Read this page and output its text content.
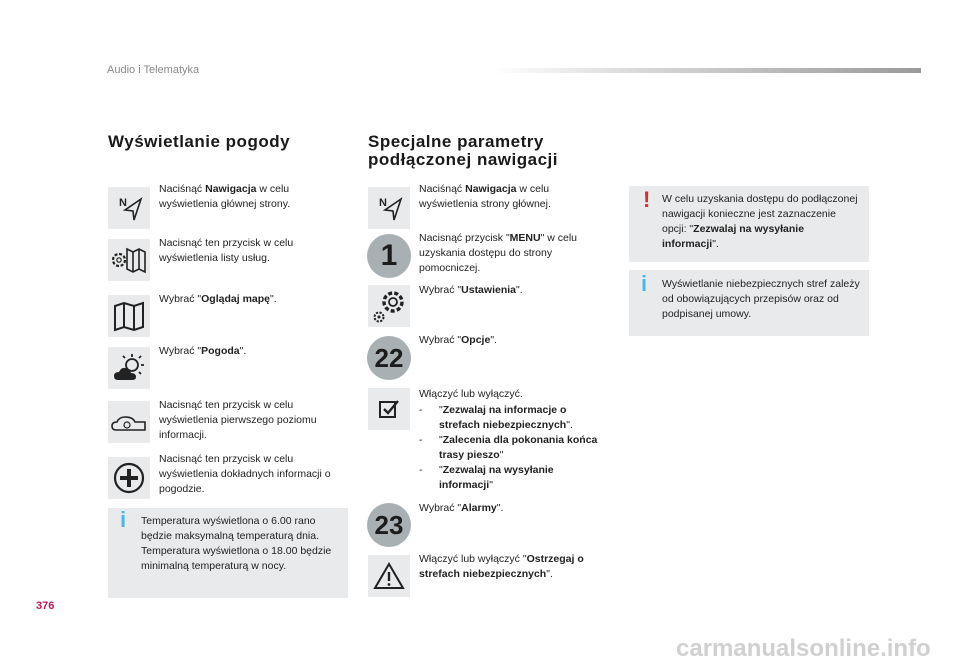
Audio i Telematyka
Wyświetlanie pogody
N
Naciśnąć Nawigacja w celu wyświetlenia głównej strony.
Nacisnąć ten przycisk w celu wyświetlenia listy usług.
Wybrać "Oglądaj mapę".
Wybrać "Pogoda".
Nacisnąć ten przycisk w celu wyświetlenia pierwszego poziomu informacji.
Nacisnąć ten przycisk w celu wyświetlenia dokładnych informacji o pogodzie.
i Temperatura wyświetlona o 6.00 rano będzie maksymalną temperaturą dnia. Temperatura wyświetlona o 18.00 będzie minimalną temperaturą w nocy.
Specjalne parametry
podłączonej nawigacji
N
Naciśnąć Nawigacja w celu wyświetlenia strony głównej.
1
Nacisnąć przycisk "MENU" w celu uzyskania dostępu do strony pomocniczej.
Wybrać "Ustawienia".
22
Wybrać "Opcje".
Włączyć lub wyłączyć.
-	"Zezwalaj na informacje o strefach niebezpiecznych".
-	"Zalecenia dla pokonania końca trasy pieszo"
-	"Zezwalaj na wysyłanie informacji"
23
Wybrać "Alarmy".
Włączyć lub wyłączyć "Ostrzegaj o strefach niebezpiecznych".
! W celu uzyskania dostępu do podłączonej nawigacji konieczne jest zaznaczenie opcji: "Zezwalaj na wysyłanie informacji".
i Wyświetlanie niebezpiecznych stref zależy od obowiązujących przepisów oraz od podpisanej umowy.
376
carmanualsonline.info
